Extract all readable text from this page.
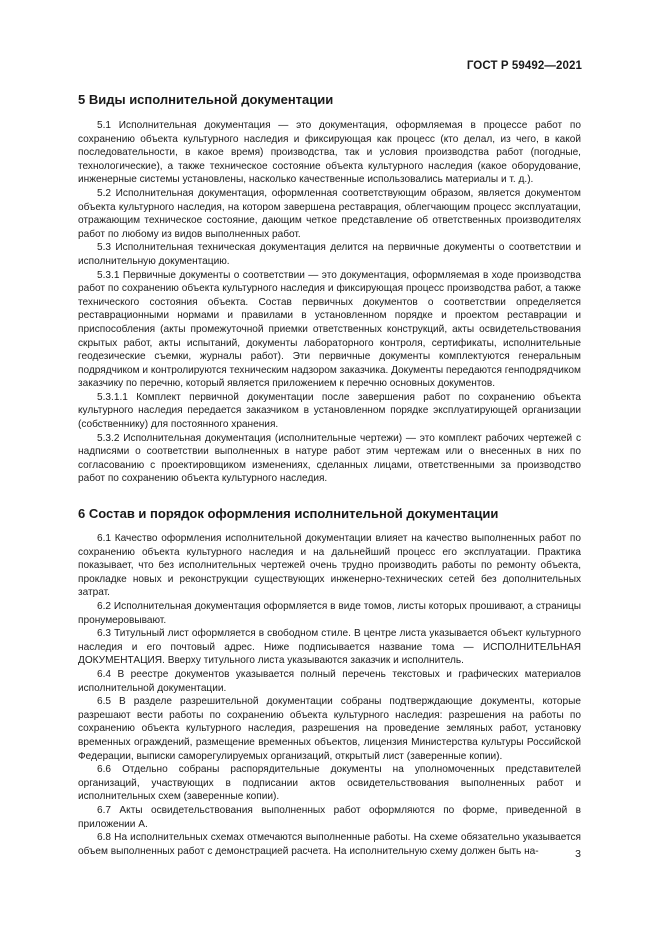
ГОСТ Р 59492—2021
5 Виды исполнительной документации

5.1 Исполнительная документация — это документация, оформляемая в процессе работ по сохранению объекта культурного наследия и фиксирующая как процесс (кто делал, из чего, в какой последовательности, в какое время) производства, так и условия производства работ (погодные, технологические), а также техническое состояние объекта культурного наследия (какое оборудование, инженерные системы установлены, насколько качественные использовались материалы и т. д.).

5.2 Исполнительная документация, оформленная соответствующим образом, является документом объекта культурного наследия, на котором завершена реставрация, облегчающим процесс эксплуатации, отражающим техническое состояние, дающим четкое представление об ответственных производителях работ по любому из видов выполненных работ.

5.3 Исполнительная техническая документация делится на первичные документы о соответствии и исполнительную документацию.

5.3.1 Первичные документы о соответствии — это документация, оформляемая в ходе производства работ по сохранению объекта культурного наследия и фиксирующая процесс производства работ, а также технического состояния объекта. Состав первичных документов о соответствии определяется реставрационными нормами и правилами в установленном порядке и проектом реставрации и приспособления (акты промежуточной приемки ответственных конструкций, акты освидетельствования скрытых работ, акты испытаний, документы лабораторного контроля, сертификаты, исполнительные геодезические съемки, журналы работ). Эти первичные документы комплектуются генеральным подрядчиком и контролируются техническим надзором заказчика. Документы передаются генподрядчиком заказчику по перечню, который является приложением к перечню основных документов.

5.3.1.1 Комплект первичной документации после завершения работ по сохранению объекта культурного наследия передается заказчиком в установленном порядке эксплуатирующей организации (собственнику) для постоянного хранения.

5.3.2 Исполнительная документация (исполнительные чертежи) — это комплект рабочих чертежей с надписями о соответствии выполненных в натуре работ этим чертежам или о внесенных в них по согласованию с проектировщиком изменениях, сделанных лицами, ответственными за производство работ по сохранению объекта культурного наследия.

6 Состав и порядок оформления исполнительной документации

6.1 Качество оформления исполнительной документации влияет на качество выполненных работ по сохранению объекта культурного наследия и на дальнейший процесс его эксплуатации. Практика показывает, что без исполнительных чертежей очень трудно производить работы по ремонту объекта, прокладке новых и реконструкции существующих инженерно-технических сетей без дополнительных затрат.

6.2 Исполнительная документация оформляется в виде томов, листы которых прошивают, а страницы пронумеровывают.

6.3 Титульный лист оформляется в свободном стиле. В центре листа указывается объект культурного наследия и его почтовый адрес. Ниже подписывается название тома — ИСПОЛНИТЕЛЬНАЯ ДОКУМЕНТАЦИЯ. Вверху титульного листа указываются заказчик и исполнитель.

6.4 В реестре документов указывается полный перечень текстовых и графических материалов исполнительной документации.

6.5 В разделе разрешительной документации собраны подтверждающие документы, которые разрешают вести работы по сохранению объекта культурного наследия: разрешения на работы по сохранению объекта культурного наследия, разрешения на проведение земляных работ, установку временных ограждений, размещение временных объектов, лицензия Министерства культуры Российской Федерации, выписки саморегулируемых организаций, открытый лист (заверенные копии).

6.6 Отдельно собраны распорядительные документы на уполномоченных представителей организаций, участвующих в подписании актов освидетельствования выполненных работ и исполнительных схем (заверенные копии).

6.7 Акты освидетельствования выполненных работ оформляются по форме, приведенной в приложении А.

6.8 На исполнительных схемах отмечаются выполненные работы. На схеме обязательно указывается объем выполненных работ с демонстрацией расчета. На исполнительную схему должен быть на-	3
